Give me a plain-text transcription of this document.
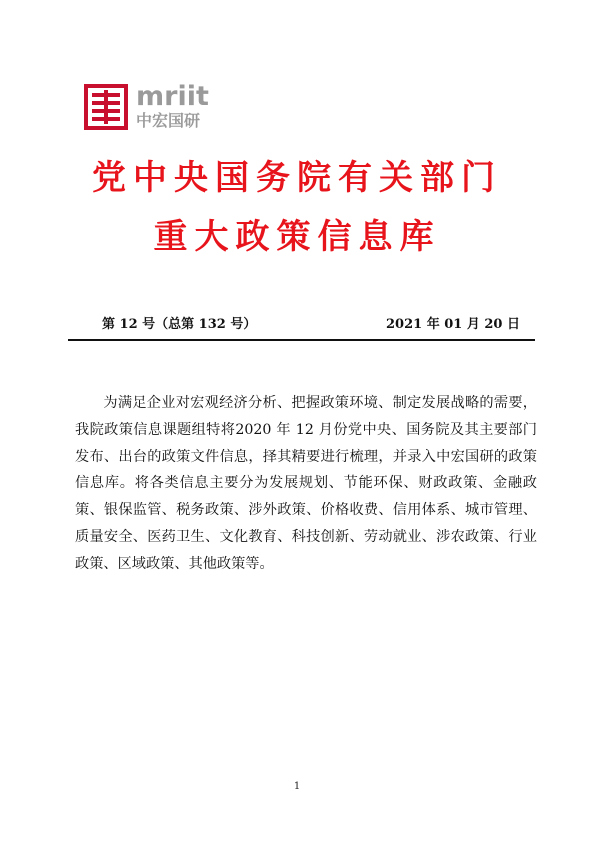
mriit
中宏国研
党中央国务院有关部门
重大政策信息库
第 12 号（总第 132 号）	2021 年 01 月 20 日

为满足企业对宏观经济分析、把握政策环境、制定发展战略的需要，我院政策信息课题组特将2020 年 12 月份党中央、国务院及其主要部门发布、出台的政策文件信息，择其精要进行梳理，并录入中宏国研的政策信息库。将各类信息主要分为发展规划、节能环保、财政政策、金融政策、银保监管、税务政策、涉外政策、价格收费、信用体系、城市管理、质量安全、医药卫生、文化教育、科技创新、劳动就业、涉农政策、行业政策、区域政策、其他政策等。

1
